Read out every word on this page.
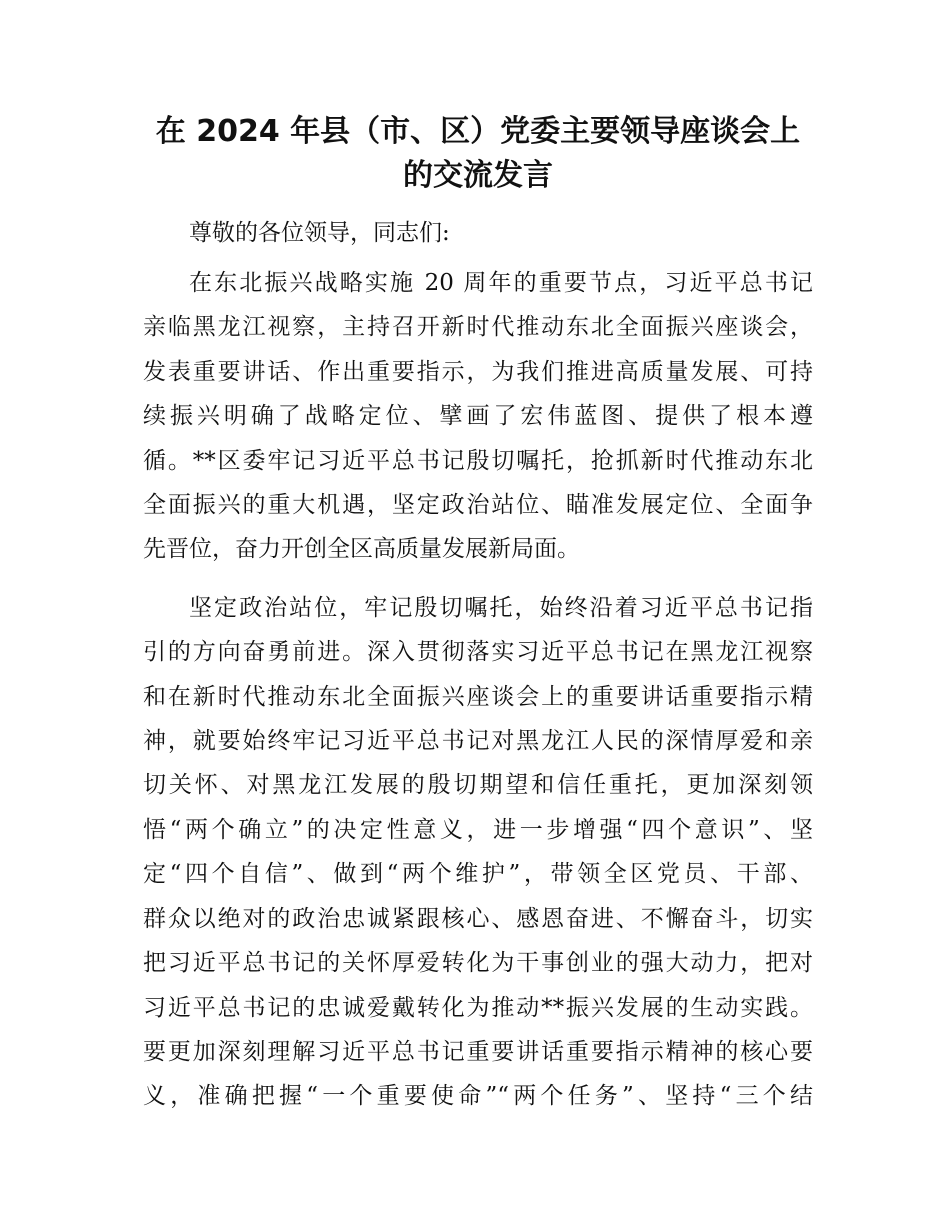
在 2024 年县（市、区）党委主要领导座谈会上
的交流发言

尊敬的各位领导，同志们:

在东北振兴战略实施 20 周年的重要节点，习近平总书记
亲临黑龙江视察，主持召开新时代推动东北全面振兴座谈会，
发表重要讲话、作出重要指示，为我们推进高质量发展、可持
续振兴明确了战略定位、擘画了宏伟蓝图、提供了根本遵
循。**区委牢记习近平总书记殷切嘱托，抢抓新时代推动东北
全面振兴的重大机遇，坚定政治站位、瞄准发展定位、全面争
先晋位，奋力开创全区高质量发展新局面。

坚定政治站位，牢记殷切嘱托，始终沿着习近平总书记指
引的方向奋勇前进。深入贯彻落实习近平总书记在黑龙江视察
和在新时代推动东北全面振兴座谈会上的重要讲话重要指示精
神，就要始终牢记习近平总书记对黑龙江人民的深情厚爱和亲
切关怀、对黑龙江发展的殷切期望和信任重托，更加深刻领
悟“两个确立”的决定性意义，进一步增强“四个意识”、坚
定“四个自信”、做到“两个维护”，带领全区党员、干部、
群众以绝对的政治忠诚紧跟核心、感恩奋进、不懈奋斗，切实
把习近平总书记的关怀厚爱转化为干事创业的强大动力，把对
习近平总书记的忠诚爱戴转化为推动**振兴发展的生动实践。
要更加深刻理解习近平总书记重要讲话重要指示精神的核心要
义，准确把握“一个重要使命”“两个任务”、坚持“三个结
